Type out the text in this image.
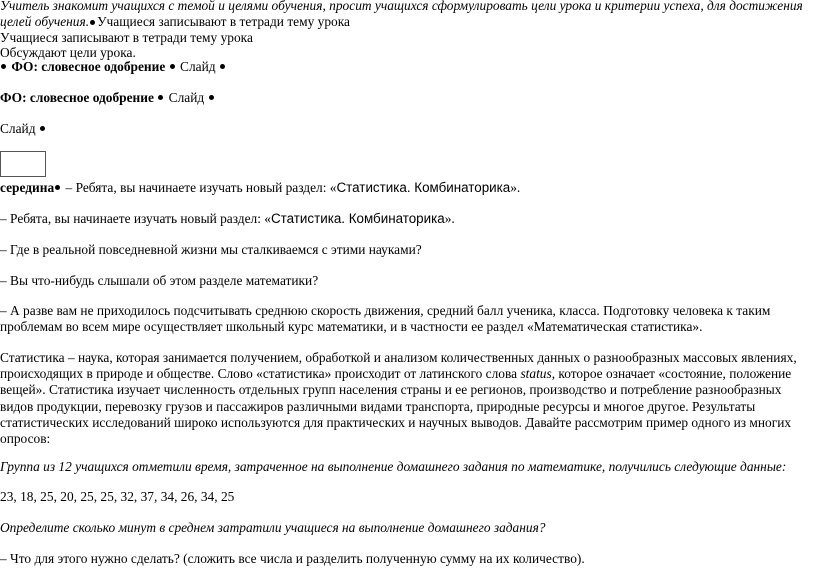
Учитель знакомит учащихся с темой и целями обучения, просит учащихся сформулировать цели урока и критерии успеха, для достижения целей обучения. Учащиеся записывают в тетради тему урока
Учащиеся записывают в тетради тему урока
Обсуждают цели урока.
ФО: словесное одобрение Слайд
ФО: словесное одобрение Слайд
Слайд
середина – Ребята, вы начинаете изучать новый раздел: «Статистика. Комбинаторика».
– Ребята, вы начинаете изучать новый раздел: «Статистика. Комбинаторика».
– Где в реальной повседневной жизни мы сталкиваемся с этими науками?
– Вы что-нибудь слышали об этом разделе математики?
– А разве вам не приходилось подсчитывать среднюю скорость движения, средний балл ученика, класса. Подготовку человека к таким проблемам во всем мире осуществляет школьный курс математики, и в частности ее раздел «Математическая статистика».
Статистика – наука, которая занимается получением, обработкой и анализом количественных данных о разнообразных массовых явлениях, происходящих в природе и обществе. Слово «статистика» происходит от латинского слова status, которое означает «состояние, положение вещей». Статистика изучает численность отдельных групп населения страны и ее регионов, производство и потребление разнообразных видов продукции, перевозку грузов и пассажиров различными видами транспорта, природные ресурсы и многое другое. Результаты статистических исследований широко используются для практических и научных выводов. Давайте рассмотрим пример одного из многих опросов:
Группа из 12 учащихся отметили время, затраченное на выполнение домашнего задания по математике, получились следующие данные:
23, 18, 25, 20, 25, 25, 32, 37, 34, 26, 34, 25
Определите сколько минут в среднем затратили учащиеся на выполнение домашнего задания?
– Что для этого нужно сделать? (сложить все числа и разделить полученную сумму на их количество).
